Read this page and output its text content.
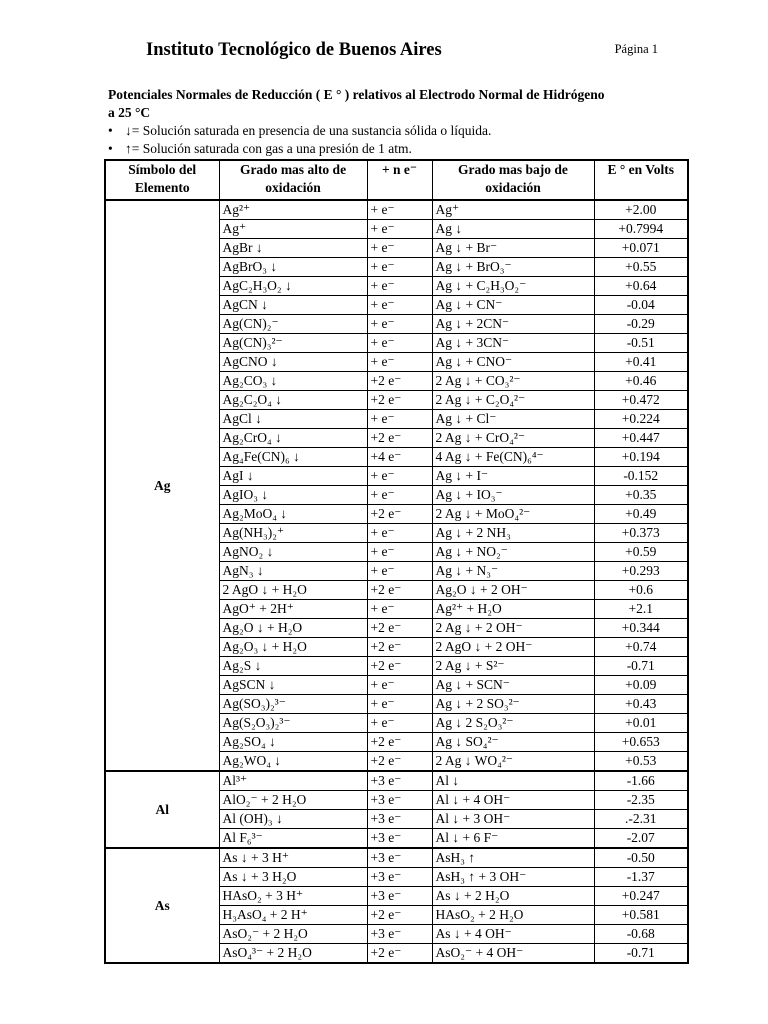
Instituto Tecnológico de Buenos Aires	Página 1
Potenciales Normales de Reducción ( E ° ) relativos al Electrodo Normal de Hidrógeno
a 25 °C
• ↓= Solución saturada en presencia de una sustancia sólida o líquida.
• ↑= Solución saturada con gas a una presión de 1 atm.
Símbolo del Elemento	Grado mas alto de oxidación	+ n e⁻	Grado mas bajo de oxidación	E ° en Volts
Ag	Ag²⁺	+ e⁻	Ag⁺	+2.00
	Ag⁺	+ e⁻	Ag ↓	+0.7994
	AgBr ↓	+ e⁻	Ag ↓ + Br⁻	+0.071
	AgBrO₃ ↓	+ e⁻	Ag ↓ + BrO₃⁻	+0.55
	AgC₂H₃O₂ ↓	+ e⁻	Ag ↓ + C₂H₃O₂⁻	+0.64
	AgCN ↓	+ e⁻	Ag ↓ + CN⁻	-0.04
	Ag(CN)₂⁻	+ e⁻	Ag ↓ + 2CN⁻	-0.29
	Ag(CN)₃²⁻	+ e⁻	Ag ↓ + 3CN⁻	-0.51
	AgCNO ↓	+ e⁻	Ag ↓ + CNO⁻	+0.41
	Ag₂CO₃ ↓	+2 e⁻	2 Ag ↓ + CO₃²⁻	+0.46
	Ag₂C₂O₄ ↓	+2 e⁻	2 Ag ↓ + C₂O₄²⁻	+0.472
	AgCl ↓	+ e⁻	Ag ↓ + Cl⁻	+0.224
	Ag₂CrO₄ ↓	+2 e⁻	2 Ag ↓ + CrO₄²⁻	+0.447
	Ag₄Fe(CN)₆ ↓	+4 e⁻	4 Ag ↓ + Fe(CN)₆⁴⁻	+0.194
	AgI ↓	+ e⁻	Ag ↓ + I⁻	-0.152
	AgIO₃ ↓	+ e⁻	Ag ↓ + IO₃⁻	+0.35
	Ag₂MoO₄ ↓	+2 e⁻	2 Ag ↓ + MoO₄²⁻	+0.49
	Ag(NH₃)₂⁺	+ e⁻	Ag ↓ + 2 NH₃	+0.373
	AgNO₂ ↓	+ e⁻	Ag ↓ + NO₂⁻	+0.59
	AgN₃ ↓	+ e⁻	Ag ↓ + N₃⁻	+0.293
	2 AgO ↓ + H₂O	+2 e⁻	Ag₂O ↓ + 2 OH⁻	+0.6
	AgO⁺ + 2H⁺	+ e⁻	Ag²⁺ + H₂O	+2.1
	Ag₂O ↓ + H₂O	+2 e⁻	2 Ag ↓ + 2 OH⁻	+0.344
	Ag₂O₃ ↓ + H₂O	+2 e⁻	2 AgO ↓ + 2 OH⁻	+0.74
	Ag₂S ↓	+2 e⁻	2 Ag ↓ + S²⁻	-0.71
	AgSCN ↓	+ e⁻	Ag ↓ + SCN⁻	+0.09
	Ag(SO₃)₂³⁻	+ e⁻	Ag ↓ + 2 SO₃²⁻	+0.43
	Ag(S₂O₃)₂³⁻	+ e⁻	Ag ↓ 2 S₂O₃²⁻	+0.01
	Ag₂SO₄ ↓	+2 e⁻	Ag ↓ SO₄²⁻	+0.653
	Ag₂WO₄ ↓	+2 e⁻	2 Ag ↓ WO₄²⁻	+0.53
Al	Al³⁺	+3 e⁻	Al ↓	-1.66
	AlO₂⁻ + 2 H₂O	+3 e⁻	Al ↓ + 4 OH⁻	-2.35
	Al (OH)₃ ↓	+3 e⁻	Al ↓ + 3 OH⁻	.-2.31
	Al F₆³⁻	+3 e⁻	Al ↓ + 6 F⁻	-2.07
As	As ↓ + 3 H⁺	+3 e⁻	AsH₃ ↑	-0.50
	As ↓ + 3 H₂O	+3 e⁻	AsH₃ ↑ + 3 OH⁻	-1.37
	HAsO₂ + 3 H⁺	+3 e⁻	As ↓ + 2 H₂O	+0.247
	H₃AsO₄ + 2 H⁺	+2 e⁻	HAsO₂ + 2 H₂O	+0.581
	AsO₂⁻ + 2 H₂O	+3 e⁻	As ↓ + 4 OH⁻	-0.68
	AsO₄³⁻ + 2 H₂O	+2 e⁻	AsO₂⁻ + 4 OH⁻	-0.71
